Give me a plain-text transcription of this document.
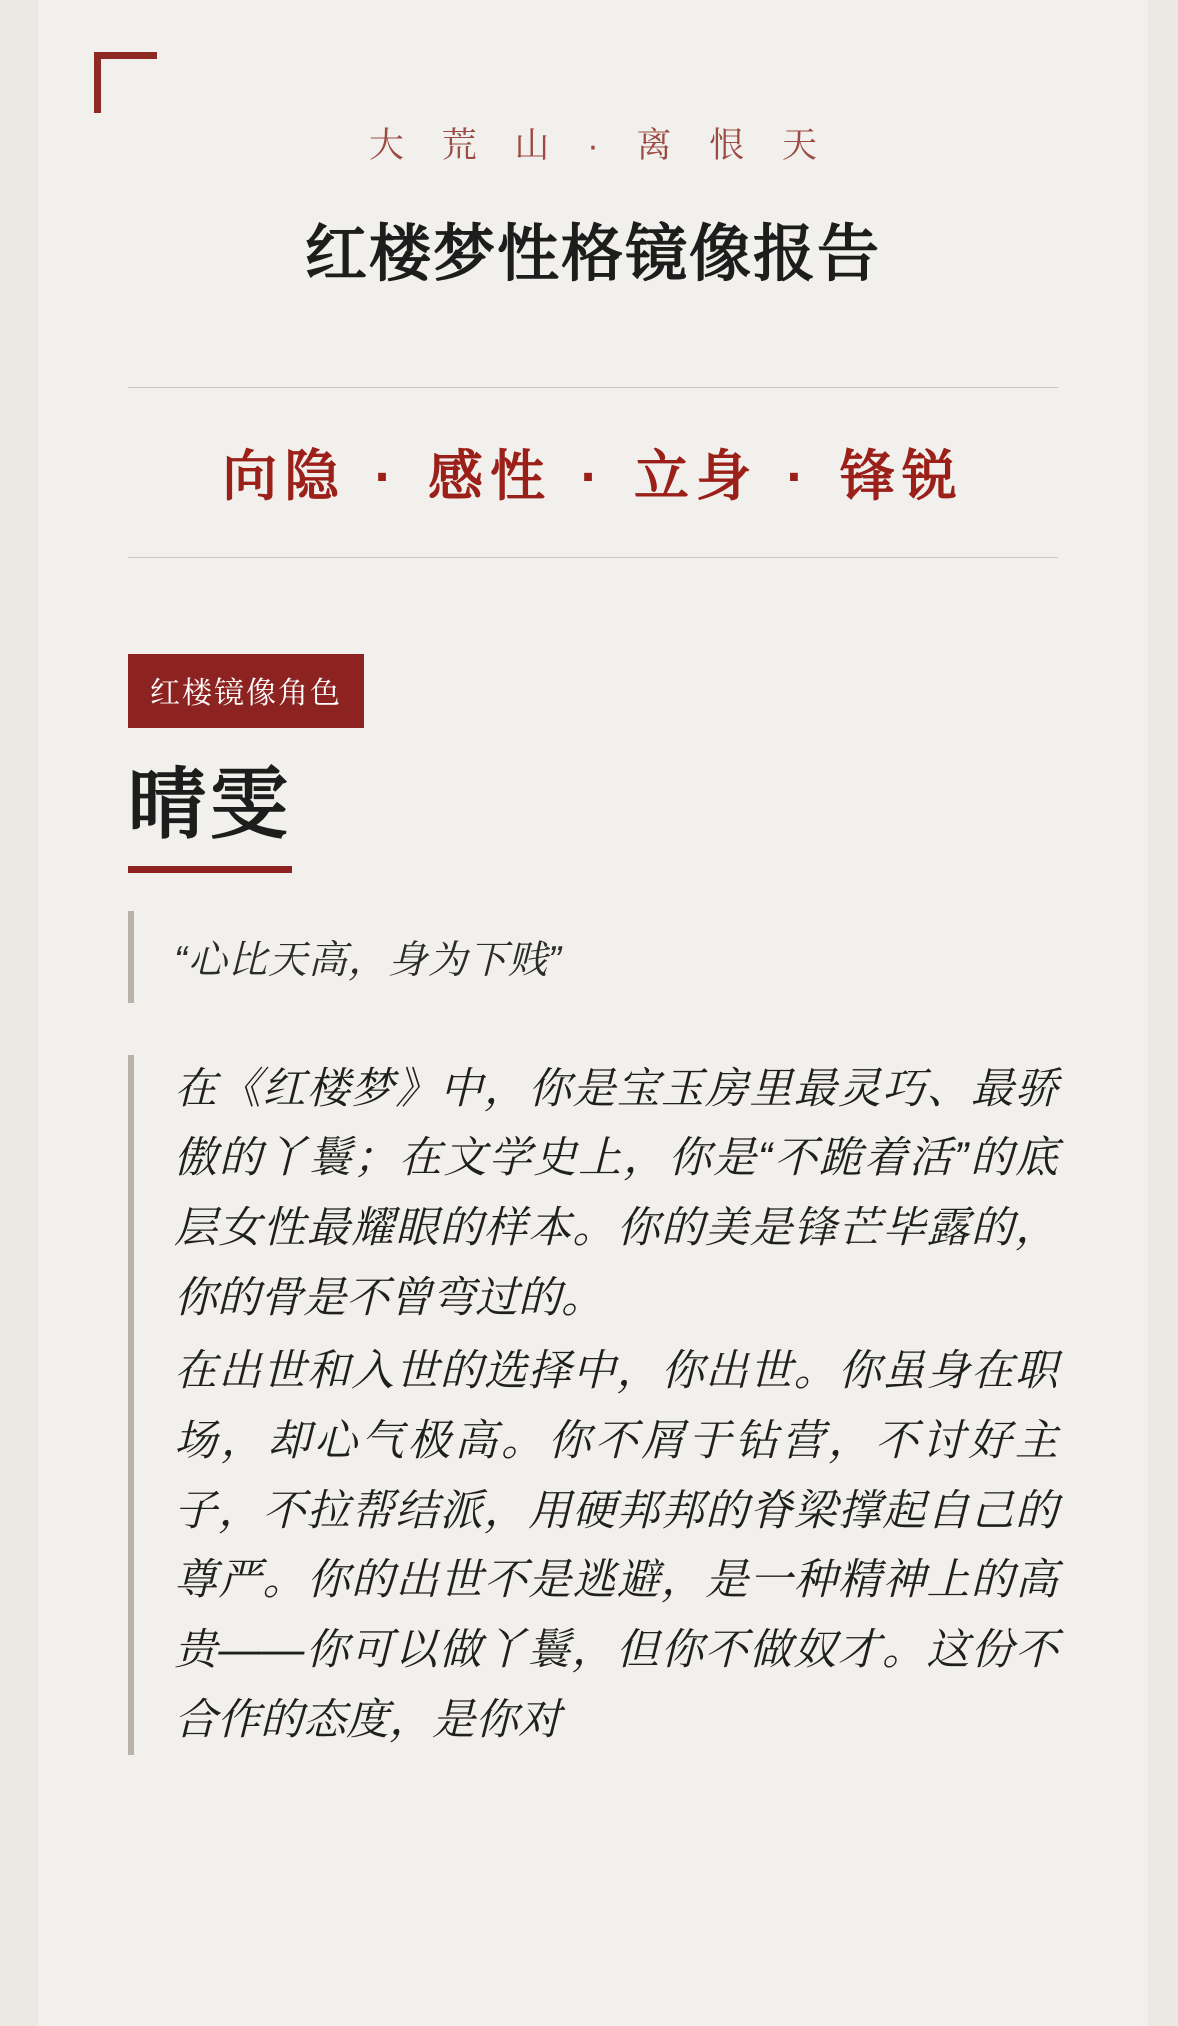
大 荒 山 · 离 恨 天
红楼梦性格镜像报告
向隐 · 感性 · 立身 · 锋锐
红楼镜像角色
晴雯
“心比天高，身为下贱”

在《红楼梦》中，你是宝玉房里最灵巧、最骄傲的丫鬟；在文学史上，你是“不跪着活”的底层女性最耀眼的样本。你的美是锋芒毕露的，你的骨是不曾弯过的。

在出世和入世的选择中，你出世。你虽身在职场，却心气极高。你不屑于钻营，不讨好主子，不拉帮结派，用硬邦邦的脊梁撑起自己的尊严。你的出世不是逃避，是一种精神上的高贵——你可以做丫鬟，但你不做奴才。这份不合作的态度，是你对
